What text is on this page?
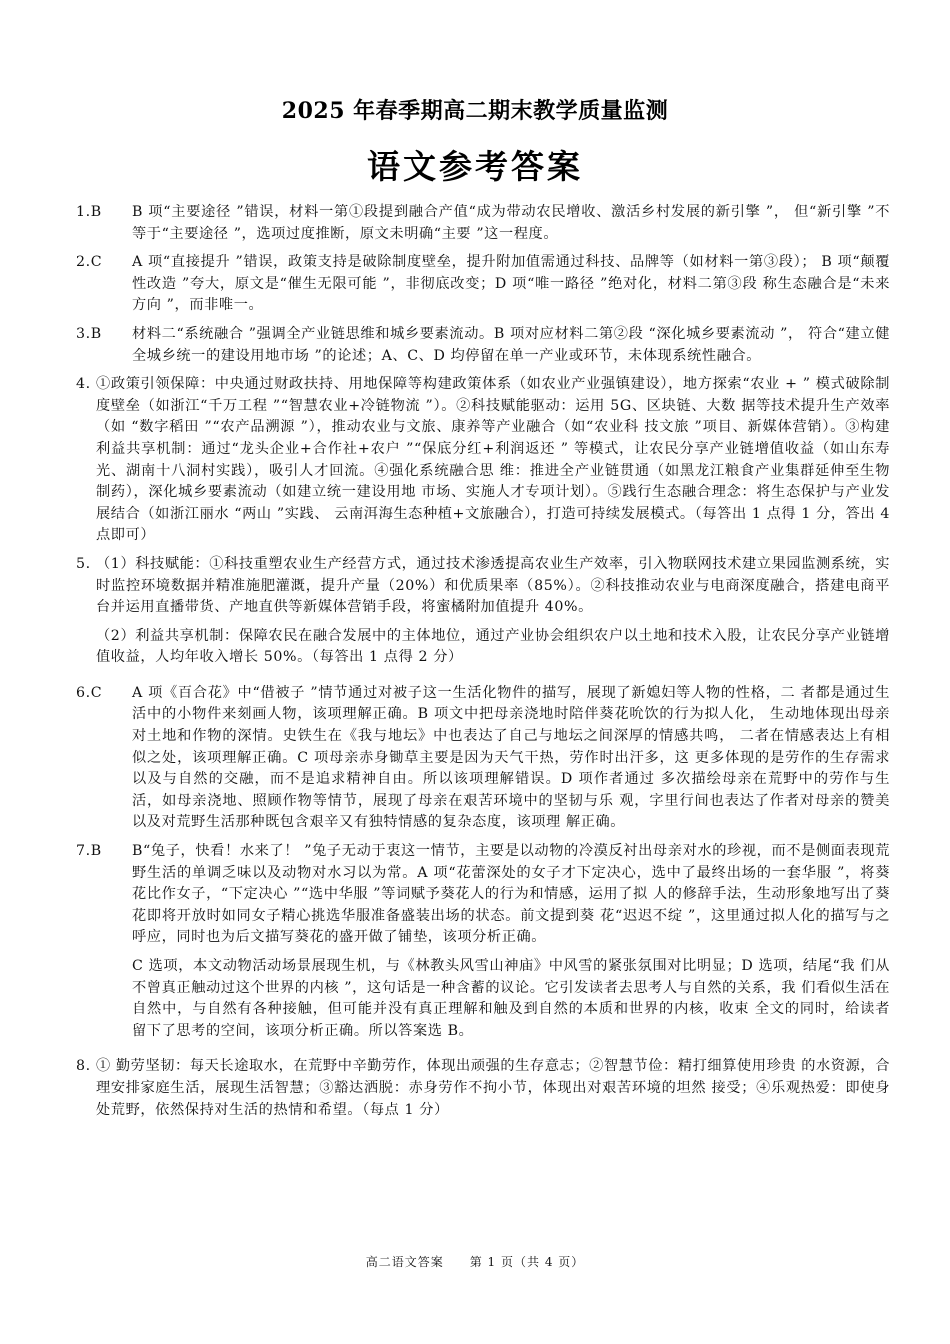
2025 年春季期高二期末教学质量监测
语文参考答案
1.B	B 项“主要途径 ”错误，材料一第①段提到融合产值“成为带动农民增收、激活乡村发展的新引擎 ”， 但“新引擎 ”不等于“主要途径 ”，选项过度推断，原文未明确“主要 ”这一程度。
2.C	A 项“直接提升 ”错误，政策支持是破除制度壁垒，提升附加值需通过科技、品牌等（如材料一第③段）； B 项“颠覆性改造 ”夸大，原文是“催生无限可能 ”，非彻底改变；D 项“唯一路径 ”绝对化，材料二第③段 称生态融合是“未来方向 ”，而非唯一。
3.B	材料二“系统融合 ”强调全产业链思维和城乡要素流动。B 项对应材料二第②段 “深化城乡要素流动 ”， 符合“建立健全城乡统一的建设用地市场 ”的论述；A、C、D 均停留在单一产业或环节，未体现系统性融合。
4. ①政策引领保障：中央通过财政扶持、用地保障等构建政策体系（如农业产业强镇建设），地方探索“农业 + ” 模式破除制度壁垒（如浙江“千万工程 ”“智慧农业+冷链物流 ”）。②科技赋能驱动：运用 5G、区块链、大数 据等技术提升生产效率（如 “数字稻田 ”“农产品溯源 ”），推动农业与文旅、康养等产业融合（如“农业科 技文旅 ”项目、新媒体营销）。③构建利益共享机制：通过“龙头企业+合作社+农户 ”“保底分红+利润返还 ” 等模式，让农民分享产业链增值收益（如山东寿光、湖南十八洞村实践），吸引人才回流。④强化系统融合思 维：推进全产业链贯通（如黑龙江粮食产业集群延伸至生物制药），深化城乡要素流动（如建立统一建设用地 市场、实施人才专项计划）。⑤践行生态融合理念：将生态保护与产业发展结合（如浙江丽水 “两山 ”实践、 云南洱海生态种植+文旅融合），打造可持续发展模式。（每答出 1 点得 1 分，答出 4 点即可）
5. （1）科技赋能：①科技重塑农业生产经营方式，通过技术渗透提高农业生产效率，引入物联网技术建立果园监测系统，实时监控环境数据并精准施肥灌溉，提升产量（20%）和优质果率（85%）。②科技推动农业与电商深度融合，搭建电商平台并运用直播带货、产地直供等新媒体营销手段，将蜜橘附加值提升 40%。
（2）利益共享机制：保障农民在融合发展中的主体地位，通过产业协会组织农户以土地和技术入股，让农民分享产业链增值收益，人均年收入增长 50%。（每答出 1 点得 2 分）
6.C	A 项《百合花》中“借被子 ”情节通过对被子这一生活化物件的描写，展现了新媳妇等人物的性格，二 者都是通过生活中的小物件来刻画人物，该项理解正确。B 项文中把母亲浇地时陪伴葵花吮饮的行为拟人化， 生动地体现出母亲对土地和作物的深情。史铁生在《我与地坛》中也表达了自己与地坛之间深厚的情感共鸣， 二者在情感表达上有相似之处，该项理解正确。C 项母亲赤身锄草主要是因为天气干热，劳作时出汗多，这 更多体现的是劳作的生存需求以及与自然的交融，而不是追求精神自由。所以该项理解错误。D 项作者通过 多次描绘母亲在荒野中的劳作与生活，如母亲浇地、照顾作物等情节，展现了母亲在艰苦环境中的坚韧与乐 观，字里行间也表达了作者对母亲的赞美以及对荒野生活那种既包含艰辛又有独特情感的复杂态度，该项理 解正确。
7.B	B“兔子，快看！水来了！ ”兔子无动于衷这一情节，主要是以动物的冷漠反衬出母亲对水的珍视，而不是侧面表现荒野生活的单调乏味以及动物对水习以为常。A 项“花蕾深处的女子才下定决心，选中了最终出场的一套华服 ”，将葵花比作女子，“下定决心 ”“选中华服 ”等词赋予葵花人的行为和情感，运用了拟 人的修辞手法，生动形象地写出了葵花即将开放时如同女子精心挑选华服准备盛装出场的状态。前文提到葵 花“迟迟不绽 ”，这里通过拟人化的描写与之呼应，同时也为后文描写葵花的盛开做了铺垫，该项分析正确。
C 选项，本文动物活动场景展现生机，与《林教头风雪山神庙》中风雪的紧张氛围对比明显；D 选项，结尾“我 们从不曾真正触动过这个世界的内核 ”，这句话是一种含蓄的议论。它引发读者去思考人与自然的关系，我 们看似生活在自然中，与自然有各种接触，但可能并没有真正理解和触及到自然的本质和世界的内核，收束 全文的同时，给读者留下了思考的空间，该项分析正确。所以答案选 B。
8. ① 勤劳坚韧：每天长途取水，在荒野中辛勤劳作，体现出顽强的生存意志；②智慧节俭：精打细算使用珍贵 的水资源，合理安排家庭生活，展现生活智慧；③豁达洒脱：赤身劳作不拘小节，体现出对艰苦环境的坦然 接受；④乐观热爱：即使身处荒野，依然保持对生活的热情和希望。（每点 1 分）
高二语文答案　　第 1 页（共 4 页）
